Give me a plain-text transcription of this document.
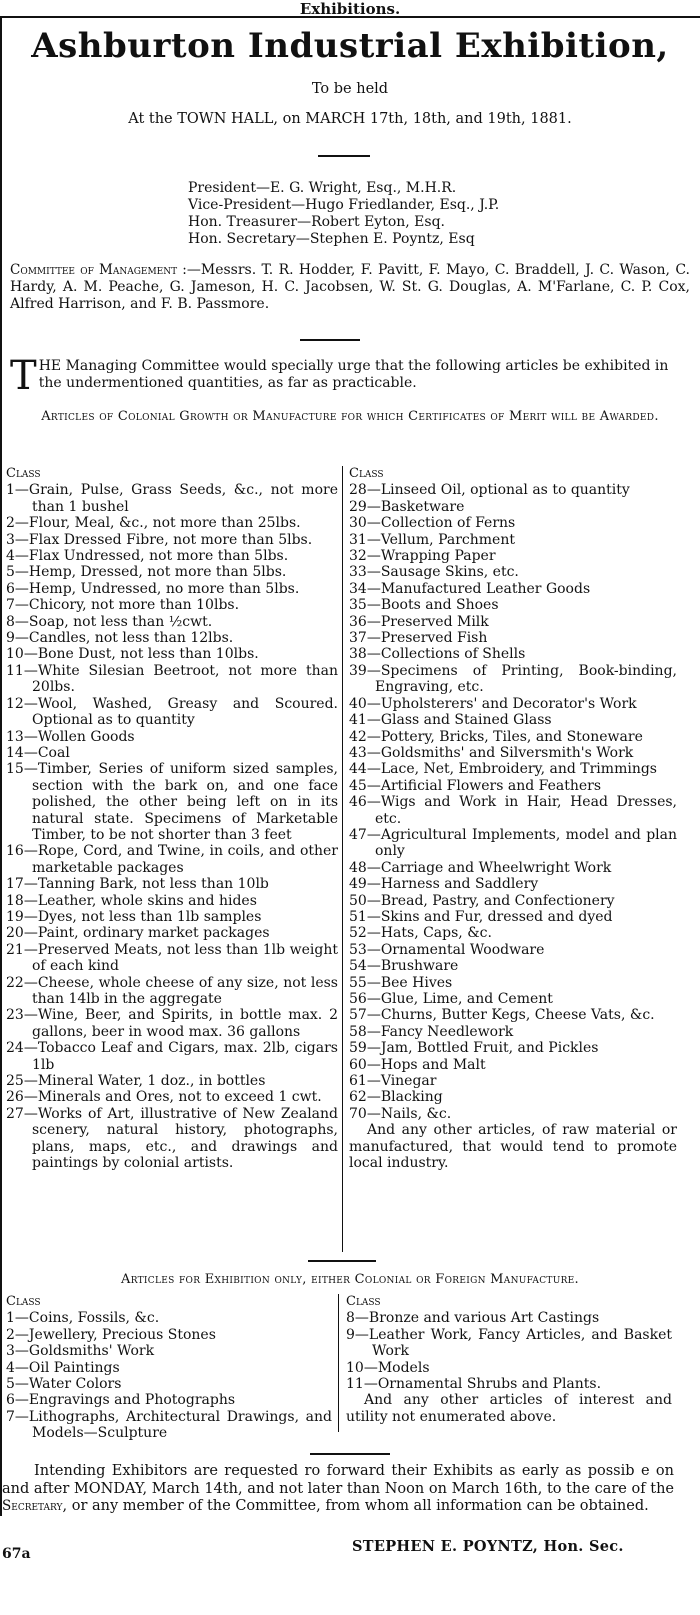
Exhibitions.
Ashburton Industrial Exhibition,
To be held
At the TOWN HALL, on MARCH 17th, 18th, and 19th, 1881.
President—E. G. Wright, Esq., M.H.R.
Vice-President—Hugo Friedlander, Esq., J.P.
Hon. Treasurer—Robert Eyton, Esq.
Hon. Secretary—Stephen E. Poyntz, Esq
Committee of Management :—Messrs. T. R. Hodder, F. Pavitt, F. Mayo, C. Braddell, J. C. Wason, C. Hardy, A. M. Peache, G. Jameson, H. C. Jacobsen, W. St. G. Douglas, A. M'Farlane, C. P. Cox, Alfred Harrison, and F. B. Passmore.
THE Managing Committee would specially urge that the following articles be exhibited in the undermentioned quantities, as far as practicable.
Articles of Colonial Growth or Manufacture for which Certificates of Merit will be Awarded.
Class
1—Grain, Pulse, Grass Seeds, &c., not more than 1 bushel
2—Flour, Meal, &c., not more than 25lbs.
3—Flax Dressed Fibre, not more than 5lbs.
4—Flax Undressed, not more than 5lbs.
5—Hemp, Dressed, not more than 5lbs.
6—Hemp, Undressed, no more than 5lbs.
7—Chicory, not more than 10lbs.
8—Soap, not less than ½cwt.
9—Candles, not less than 12lbs.
10—Bone Dust, not less than 10lbs.
11—White Silesian Beetroot, not more than 20lbs.
12—Wool, Washed, Greasy and Scoured. Optional as to quantity
13—Wollen Goods
14—Coal
15—Timber, Series of uniform sized samples, section with the bark on, and one face polished, the other being left on in its natural state. Specimens of Marketable Timber, to be not shorter than 3 feet
16—Rope, Cord, and Twine, in coils, and other marketable packages
17—Tanning Bark, not less than 10lb
18—Leather, whole skins and hides
19—Dyes, not less than 1lb samples
20—Paint, ordinary market packages
21—Preserved Meats, not less than 1lb weight of each kind
22—Cheese, whole cheese of any size, not less than 14lb in the aggregate
23—Wine, Beer, and Spirits, in bottle max. 2 gallons, beer in wood max. 36 gallons
24—Tobacco Leaf and Cigars, max. 2lb, cigars 1lb
25—Mineral Water, 1 doz., in bottles
26—Minerals and Ores, not to exceed 1 cwt.
27—Works of Art, illustrative of New Zealand scenery, natural history, photographs, plans, maps, etc., and drawings and paintings by colonial artists.
Class
28—Linseed Oil, optional as to quantity
29—Basketware
30—Collection of Ferns
31—Vellum, Parchment
32—Wrapping Paper
33—Sausage Skins, etc.
34—Manufactured Leather Goods
35—Boots and Shoes
36—Preserved Milk
37—Preserved Fish
38—Collections of Shells
39—Specimens of Printing, Book-binding, Engraving, etc.
40—Upholsterers' and Decorator's Work
41—Glass and Stained Glass
42—Pottery, Bricks, Tiles, and Stoneware
43—Goldsmiths' and Silversmith's Work
44—Lace, Net, Embroidery, and Trimmings
45—Artificial Flowers and Feathers
46—Wigs and Work in Hair, Head Dresses, etc.
47—Agricultural Implements, model and plan only
48—Carriage and Wheelwright Work
49—Harness and Saddlery
50—Bread, Pastry, and Confectionery
51—Skins and Fur, dressed and dyed
52—Hats, Caps, &c.
53—Ornamental Woodware
54—Brushware
55—Bee Hives
56—Glue, Lime, and Cement
57—Churns, Butter Kegs, Cheese Vats, &c.
58—Fancy Needlework
59—Jam, Bottled Fruit, and Pickles
60—Hops and Malt
61—Vinegar
62—Blacking
70—Nails, &c.
And any other articles, of raw material or manufactured, that would tend to promote local industry.
Articles for Exhibition only, either Colonial or Foreign Manufacture.
Class
1—Coins, Fossils, &c.
2—Jewellery, Precious Stones
3—Goldsmiths' Work
4—Oil Paintings
5—Water Colors
6—Engravings and Photographs
7—Lithographs, Architectural Drawings, and Models—Sculpture
Class
8—Bronze and various Art Castings
9—Leather Work, Fancy Articles, and Basket Work
10—Models
11—Ornamental Shrubs and Plants.
And any other articles of interest and utility not enumerated above.
Intending Exhibitors are requested ro forward their Exhibits as early as possib e on and after MONDAY, March 14th, and not later than Noon on March 16th, to the care of the Secretary, or any member of the Committee, from whom all information can be obtained.
67a	STEPHEN E. POYNTZ, Hon. Sec.
